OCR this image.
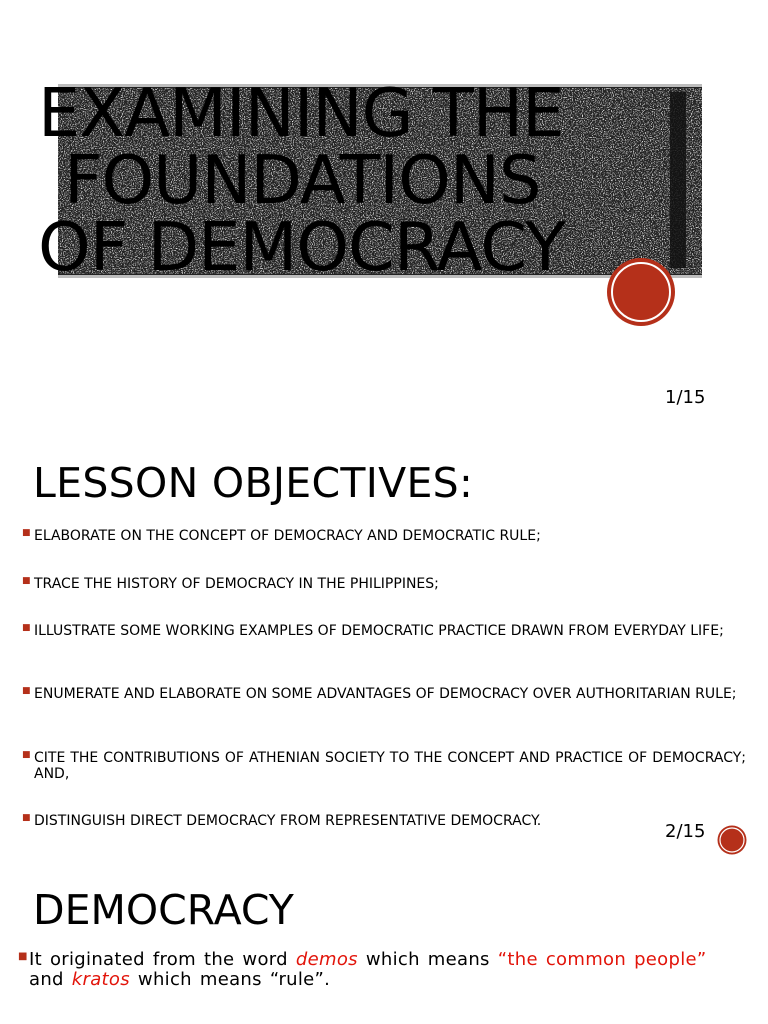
EXAMINING THE
FOUNDATIONS
OF DEMOCRACY
1/15
LESSON OBJECTIVES:
■ ELABORATE ON THE CONCEPT OF DEMOCRACY AND DEMOCRATIC RULE;
■ TRACE THE HISTORY OF DEMOCRACY IN THE PHILIPPINES;
■ ILLUSTRATE SOME WORKING EXAMPLES OF DEMOCRATIC PRACTICE DRAWN FROM EVERYDAY LIFE;
■ ENUMERATE AND ELABORATE ON SOME ADVANTAGES OF DEMOCRACY OVER AUTHORITARIAN RULE;
■ CITE THE CONTRIBUTIONS OF ATHENIAN SOCIETY TO THE CONCEPT AND PRACTICE OF DEMOCRACY; AND,
■ DISTINGUISH DIRECT DEMOCRACY FROM REPRESENTATIVE DEMOCRACY.	2/15
DEMOCRACY
■ It originated from the word demos which means “the common people”
and kratos which means “rule”.
